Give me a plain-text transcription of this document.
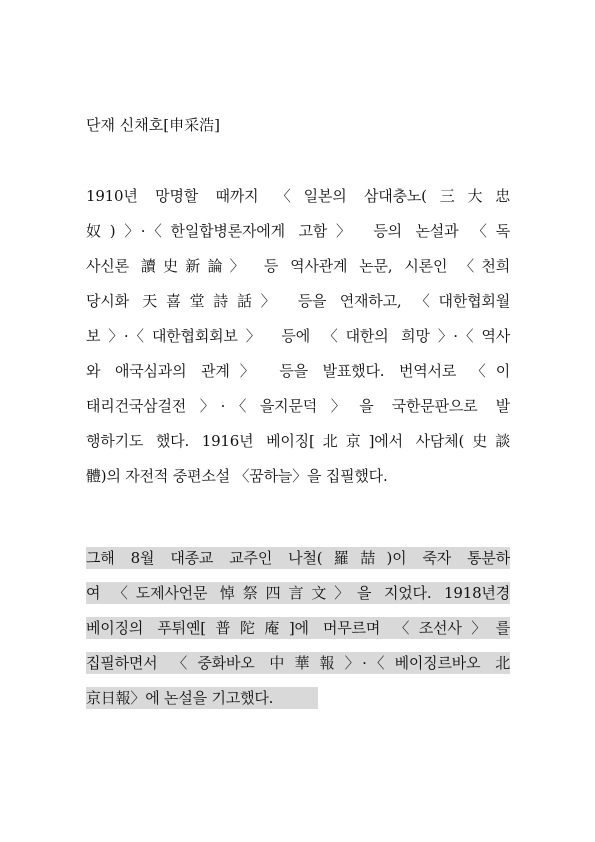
단재 신채호[申采浩]
1910년 망명할 때까지 〈일본의 삼대충노(三大忠
奴)〉·〈한일합병론자에게 고함〉 등의 논설과 〈독
사신론 讀史新論〉 등 역사관계 논문, 시론인 〈천희
당시화 天喜堂詩話〉 등을 연재하고, 〈대한협회월
보〉·〈대한협회회보〉 등에 〈대한의 희망〉·〈역사
와 애국심과의 관계〉 등을 발표했다. 번역서로 〈이
태리건국삼걸전〉·〈을지문덕〉을 국한문판으로 발
행하기도 했다. 1916년 베이징[北京]에서 사담체(史談
體)의 자전적 중편소설 〈꿈하늘〉을 집필했다.
그해 8월 대종교 교주인 나철(羅喆)이 죽자 통분하
여 〈도제사언문 悼祭四言文〉을 지었다. 1918년경
베이징의 푸튀옌[普陀庵]에 머무르며 〈조선사〉를
집필하면서 〈중화바오 中華報〉·〈베이징르바오 北
京日報〉에 논설을 기고했다.
